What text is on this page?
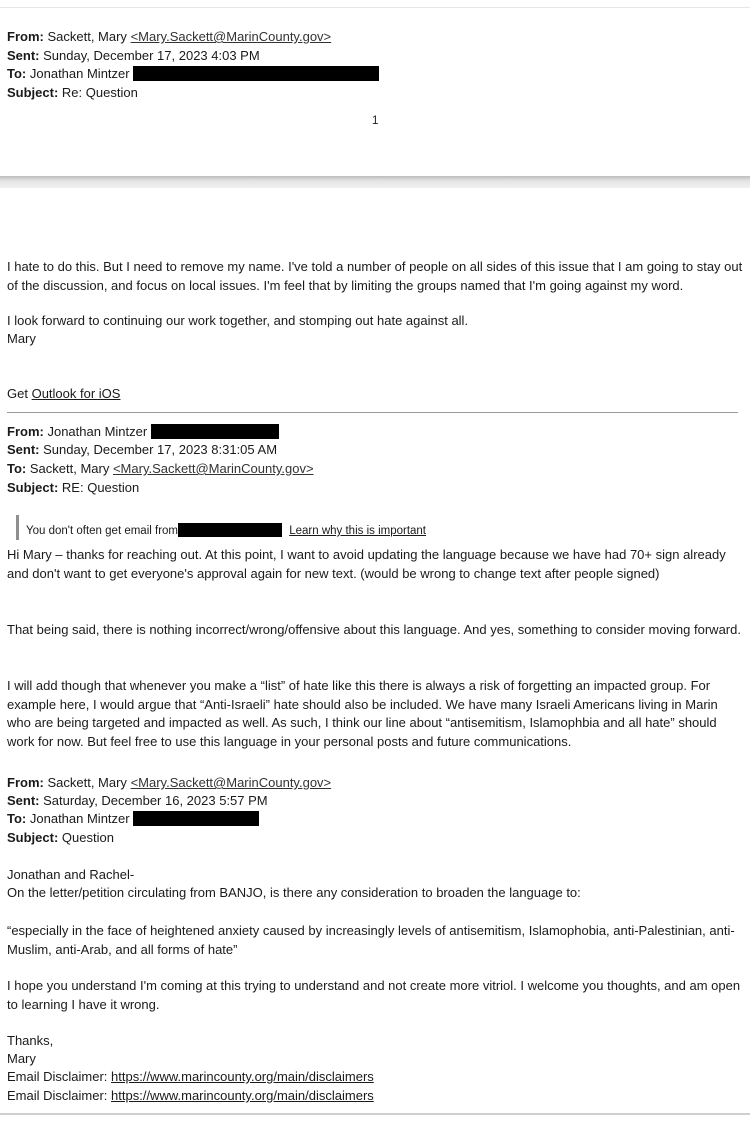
From: Sackett, Mary <Mary.Sackett@MarinCounty.gov>
Sent: Sunday, December 17, 2023 4:03 PM
To: Jonathan Mintzer
Subject: Re: Question
1
I hate to do this. But I need to remove my name. I've told a number of people on all sides of this issue that I am going to stay out of the discussion, and focus on local issues. I'm feel that by limiting the groups named that I'm going against my word.
I look forward to continuing our work together, and stomping out hate against all.
Mary
Get Outlook for iOS
From: Jonathan Mintzer
Sent: Sunday, December 17, 2023 8:31:05 AM
To: Sackett, Mary <Mary.Sackett@MarinCounty.gov>
Subject: RE: Question
You don't often get email from	Learn why this is important
Hi Mary – thanks for reaching out. At this point, I want to avoid updating the language because we have had 70+ sign already and don't want to get everyone's approval again for new text. (would be wrong to change text after people signed)
That being said, there is nothing incorrect/wrong/offensive about this language. And yes, something to consider moving forward.
I will add though that whenever you make a “list” of hate like this there is always a risk of forgetting an impacted group. For example here, I would argue that “Anti-Israeli” hate should also be included. We have many Israeli Americans living in Marin who are being targeted and impacted as well. As such, I think our line about “antisemitism, Islamophbia and all hate” should work for now. But feel free to use this language in your personal posts and future communications.
From: Sackett, Mary <Mary.Sackett@MarinCounty.gov>
Sent: Saturday, December 16, 2023 5:57 PM
To: Jonathan Mintzer
Subject: Question
Jonathan and Rachel-
On the letter/petition circulating from BANJO, is there any consideration to broaden the language to:
“especially in the face of heightened anxiety caused by increasingly levels of antisemitism, Islamophobia, anti-Palestinian, anti-Muslim, anti-Arab, and all forms of hate”
I hope you understand I'm coming at this trying to understand and not create more vitriol. I welcome you thoughts, and am open to learning I have it wrong.
Thanks,
Mary
Email Disclaimer: https://www.marincounty.org/main/disclaimers
Email Disclaimer: https://www.marincounty.org/main/disclaimers
